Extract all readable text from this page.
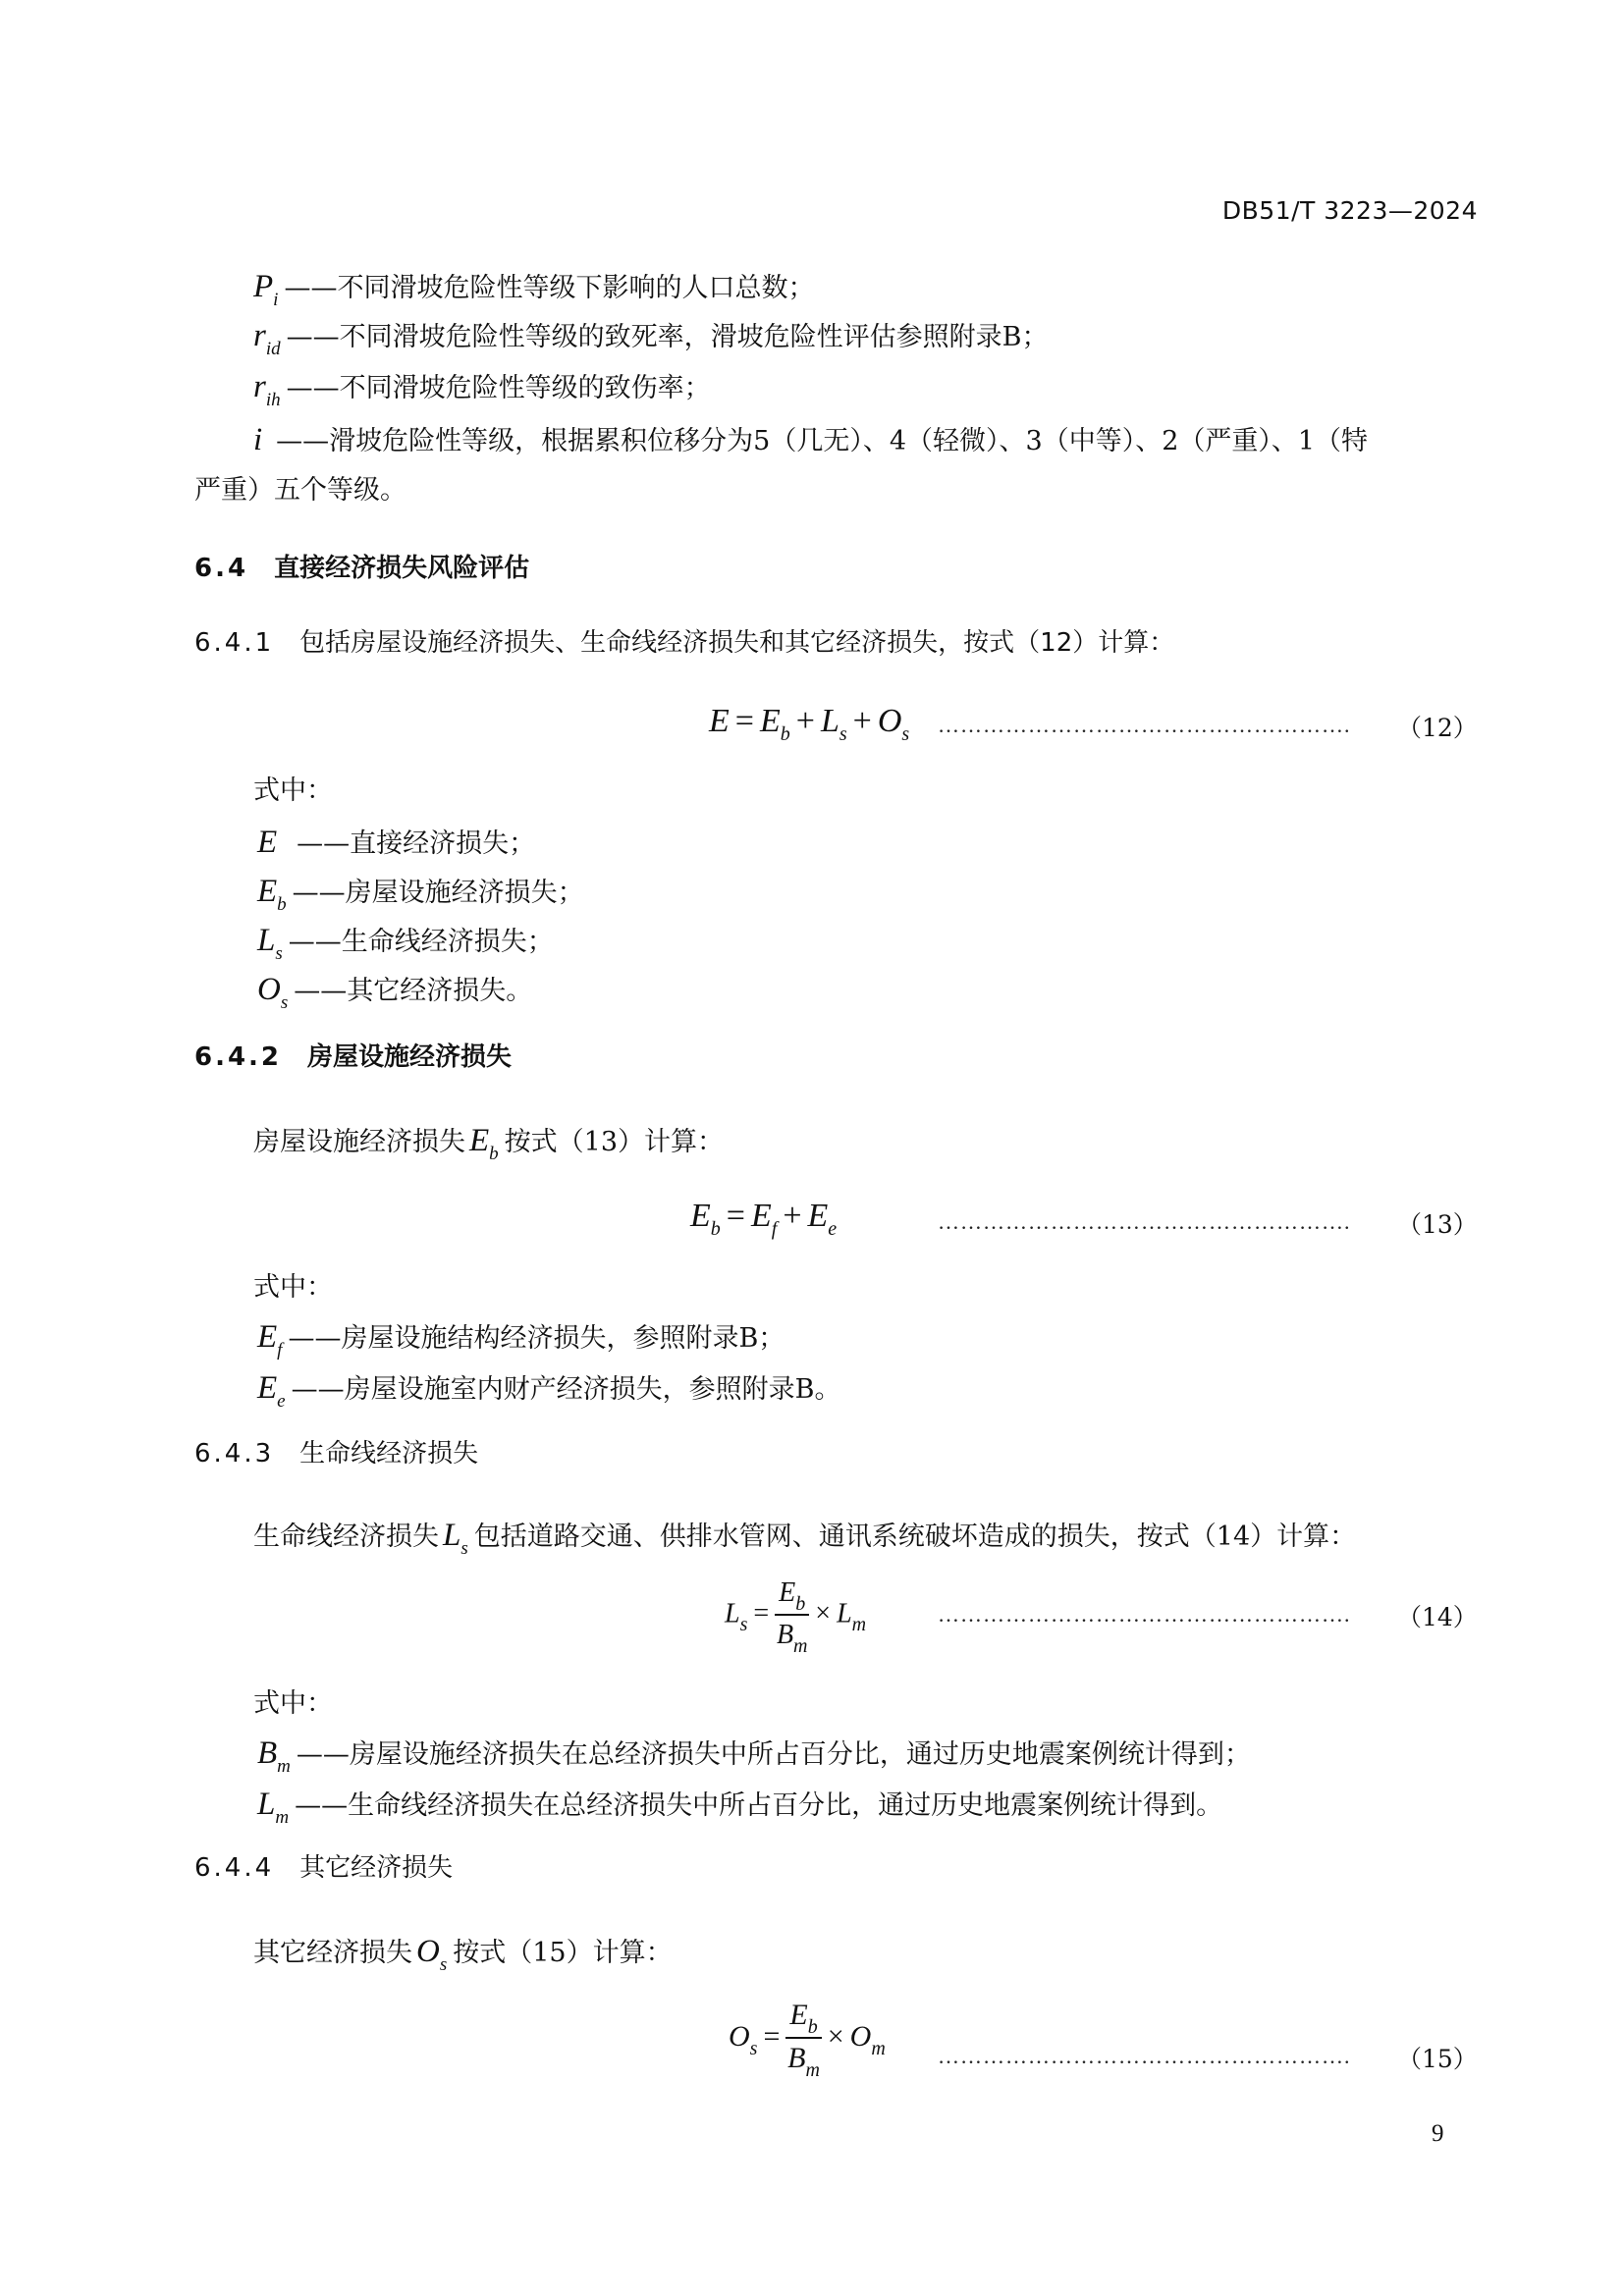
DB51/T 3223—2024
$P_i$ ——不同滑坡危险性等级下影响的人口总数；
$r_{id}$ ——不同滑坡危险性等级的致死率，滑坡危险性评估参照附录B；
$r_{ih}$ ——不同滑坡危险性等级的致伤率；
i ——滑坡危险性等级，根据累积位移分为5（几无）、4（轻微）、3（中等）、2（严重）、1（特
严重）五个等级。
6.4 直接经济损失风险评估
6.4.1 包括房屋设施经济损失、生命线经济损失和其它经济损失，按式（12）计算：
$E = E_b + L_s + O_s$ ………………………………………………. （12）
式中：
E ——直接经济损失；
$E_b$ ——房屋设施经济损失；
$L_s$ ——生命线经济损失；
$O_s$ ——其它经济损失。
6.4.2 房屋设施经济损失
房屋设施经济损失 $E_b$ 按式（13）计算：
$E_b = E_f + E_e$	………………………………………………. （13）
式中：
$E_f$ ——房屋设施结构经济损失，参照附录B；
$E_e$ ——房屋设施室内财产经济损失，参照附录B。
6.4.3 生命线经济损失
生命线经济损失 $L_s$ 包括道路交通、供排水管网、通讯系统破坏造成的损失，按式（14）计算：
$L_s = \frac{E_b}{B_m} \times L_m$	………………………………………………. （14）
式中：
$B_m$ ——房屋设施经济损失在总经济损失中所占百分比，通过历史地震案例统计得到；
$L_m$ ——生命线经济损失在总经济损失中所占百分比，通过历史地震案例统计得到。
6.4.4 其它经济损失
其它经济损失 $O_s$ 按式（15）计算：
$O_s = \frac{E_b}{B_m} \times O_m$ ………………………………………………. （15）
9
